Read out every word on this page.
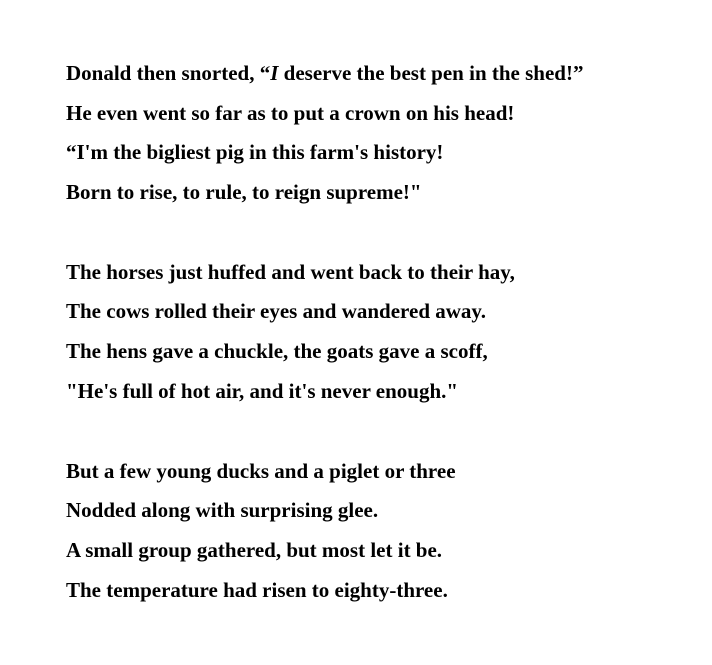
Donald then snorted, “I deserve the best pen in the shed!”
He even went so far as to put a crown on his head!
“I'm the bigliest pig in this farm's history!
Born to rise, to rule, to reign supreme!"
The horses just huffed and went back to their hay,
The cows rolled their eyes and wandered away.
The hens gave a chuckle, the goats gave a scoff,
"He's full of hot air, and it's never enough."
But a few young ducks and a piglet or three
Nodded along with surprising glee.
A small group gathered, but most let it be.
The temperature had risen to eighty-three.
